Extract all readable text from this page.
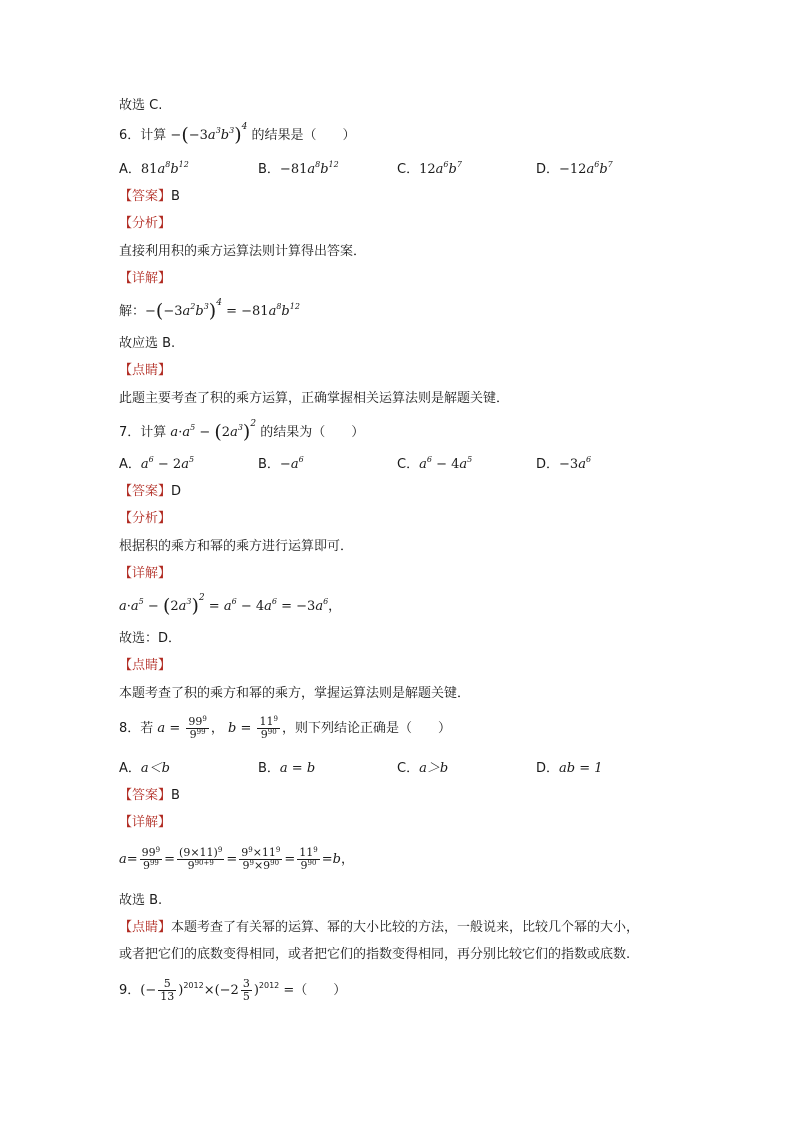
故选 C.
6．计算 $-(-3a^3b^3)^4$ 的结果是（　　）
A．$81a^8b^{12}$	B．$-81a^8b^{12}$	C．$12a^6b^7$	D．$-12a^6b^7$
【答案】B
【分析】
直接利用积的乘方运算法则计算得出答案．
【详解】
解：$-(-3a^2b^3)^4 = -81a^8b^{12}$
故应选 B.
【点睛】
此题主要考查了积的乘方运算，正确掌握相关运算法则是解题关键．
7．计算 $a\cdot a^5 - (2a^3)^2$ 的结果为（　　）
A．$a^6 - 2a^5$	B．$-a^6$	C．$a^6 - 4a^5$	D．$-3a^6$
【答案】D
【分析】
根据积的乘方和幂的乘方进行运算即可．
【详解】
$a\cdot a^5 - (2a^3)^2 = a^6 - 4a^6 = -3a^6$，
故选：D．
【点睛】
本题考查了积的乘方和幂的乘方，掌握运算法则是解题关键．
8．若 $a = \frac{99^9}{9^{99}}$ ， $b = \frac{11^9}{9^{90}}$ ，则下列结论正确是（　　）
A．a＜b	B．a = b	C．a＞b	D．ab = 1
【答案】B
【详解】
$a= \frac{99^9}{9^{99}} = \frac{(9\times 11)^9}{9^{90+9}} = \frac{9^9\times 11^9}{9^9\times 9^{90}} = \frac{11^9}{9^{90}} =b$，
故选 B.
【点睛】本题考查了有关幂的运算、幂的大小比较的方法，一般说来，比较几个幂的大小，
或者把它们的底数变得相同，或者把它们的指数变得相同，再分别比较它们的指数或底数.
9．(− $\frac{5}{13} )^{2012}\times(-2 \frac{3}{5} )^{2012}$ =（　　）
